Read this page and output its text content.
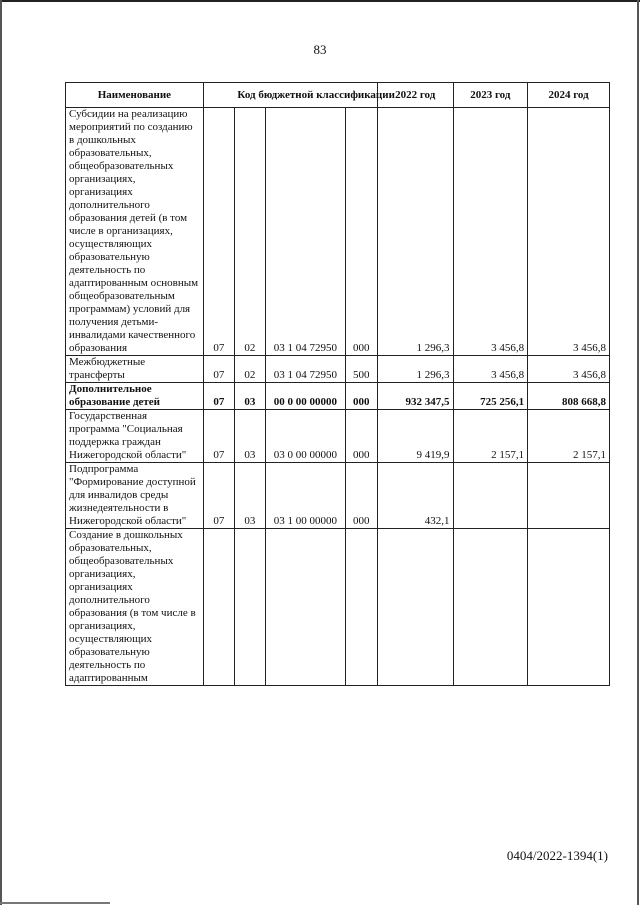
83
Наименование		Код бюджетной классификации			2022 год	2023 год	2024 год
Субсидии на реализацию мероприятий по созданию в дошкольных образовательных, общеобразовательных организациях, организациях дополнительного образования детей (в том числе в организациях, осуществляющих образовательную деятельность по адаптированным основным общеобразовательным программам) условий для получения детьми-инвалидами качественного образования	07	02	03 1 04 72950	000	1 296,3	3 456,8	3 456,8
Межбюджетные трансферты	07	02	03 1 04 72950	500	1 296,3	3 456,8	3 456,8
Дополнительное образование детей	07	03	00 0 00 00000	000	932 347,5	725 256,1	808 668,8
Государственная программа "Социальная поддержка граждан Нижегородской области"	07	03	03 0 00 00000	000	9 419,9	2 157,1	2 157,1
Подпрограмма "Формирование доступной для инвалидов среды жизнедеятельности в Нижегородской области"	07	03	03 1 00 00000	000	432,1		
Создание в дошкольных образовательных, общеобразовательных организациях, организациях дополнительного образования (в том числе в организациях, осуществляющих образовательную деятельность по адаптированным							
0404/2022-1394(1)
